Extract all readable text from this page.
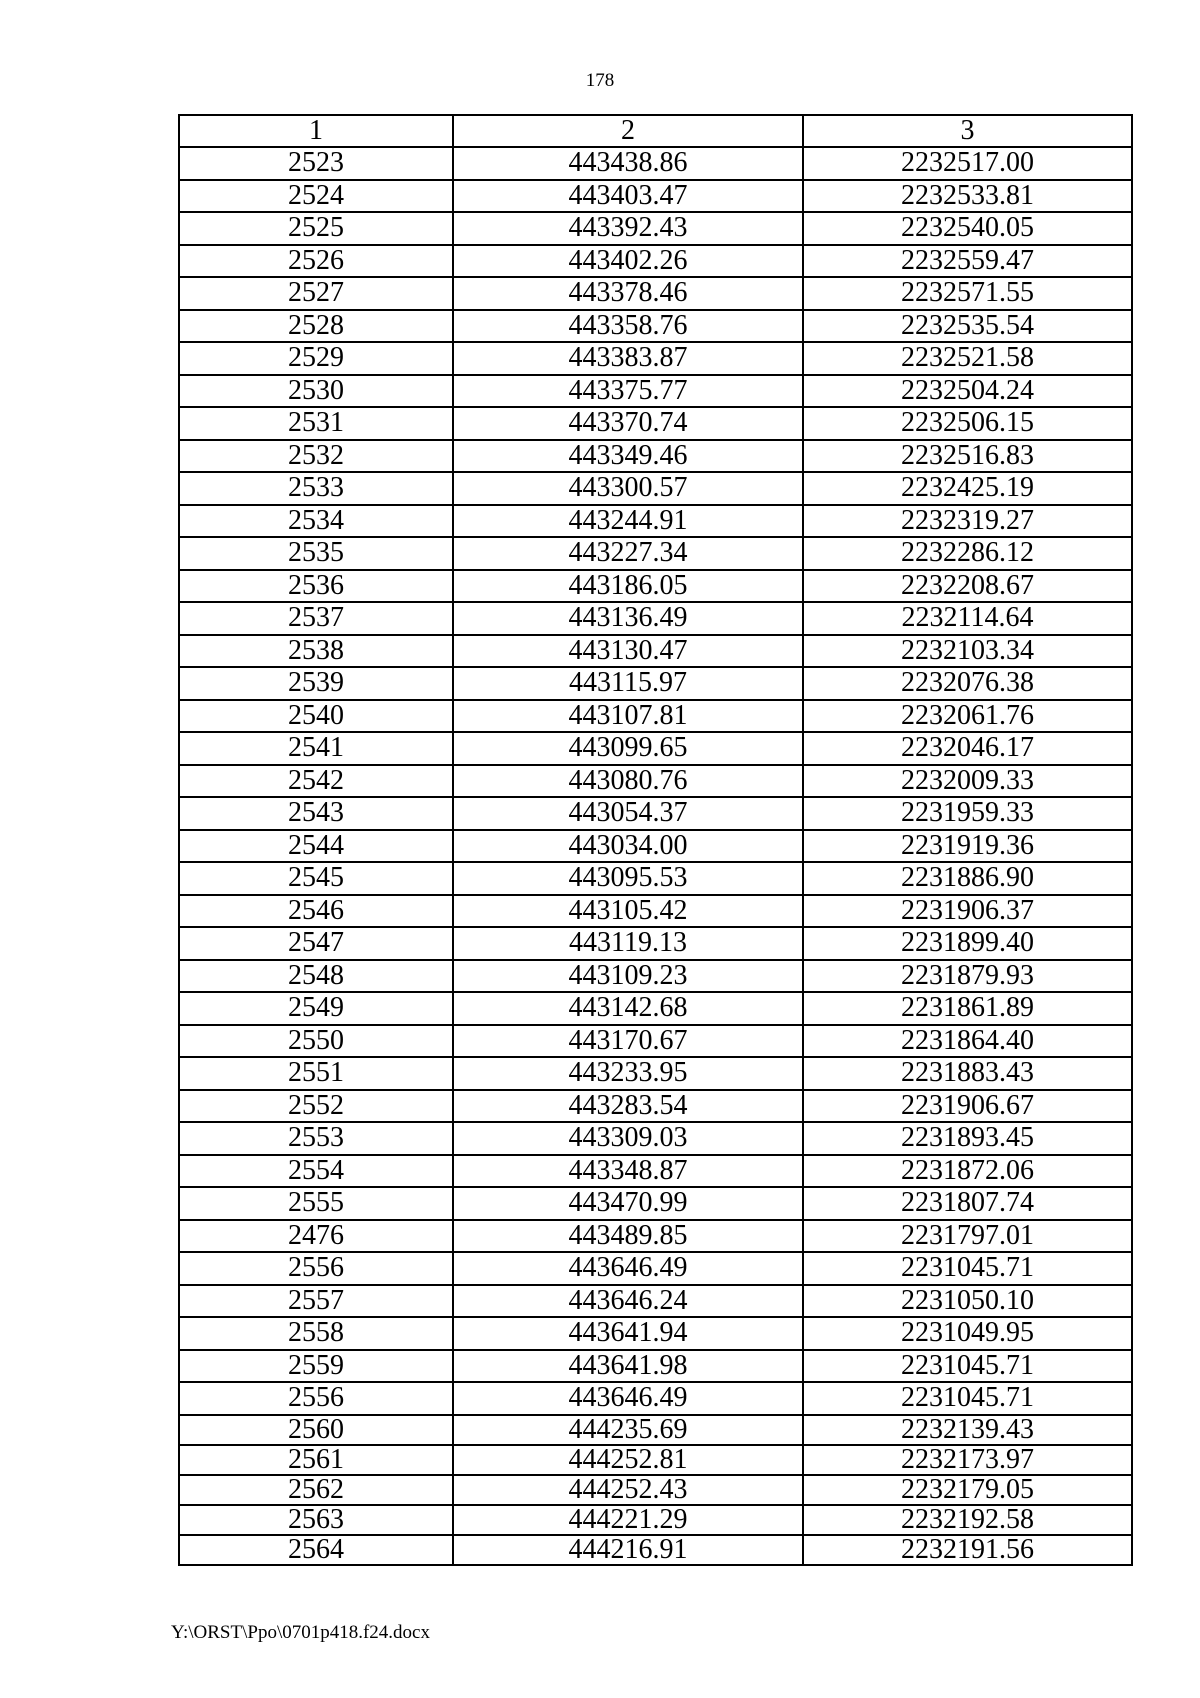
178
1	2	3
2523	443438.86	2232517.00
2524	443403.47	2232533.81
2525	443392.43	2232540.05
2526	443402.26	2232559.47
2527	443378.46	2232571.55
2528	443358.76	2232535.54
2529	443383.87	2232521.58
2530	443375.77	2232504.24
2531	443370.74	2232506.15
2532	443349.46	2232516.83
2533	443300.57	2232425.19
2534	443244.91	2232319.27
2535	443227.34	2232286.12
2536	443186.05	2232208.67
2537	443136.49	2232114.64
2538	443130.47	2232103.34
2539	443115.97	2232076.38
2540	443107.81	2232061.76
2541	443099.65	2232046.17
2542	443080.76	2232009.33
2543	443054.37	2231959.33
2544	443034.00	2231919.36
2545	443095.53	2231886.90
2546	443105.42	2231906.37
2547	443119.13	2231899.40
2548	443109.23	2231879.93
2549	443142.68	2231861.89
2550	443170.67	2231864.40
2551	443233.95	2231883.43
2552	443283.54	2231906.67
2553	443309.03	2231893.45
2554	443348.87	2231872.06
2555	443470.99	2231807.74
2476	443489.85	2231797.01
2556	443646.49	2231045.71
2557	443646.24	2231050.10
2558	443641.94	2231049.95
2559	443641.98	2231045.71
2556	443646.49	2231045.71
2560	444235.69	2232139.43
2561	444252.81	2232173.97
2562	444252.43	2232179.05
2563	444221.29	2232192.58
2564	444216.91	2232191.56
Y:\ORST\Ppo\0701p418.f24.docx
